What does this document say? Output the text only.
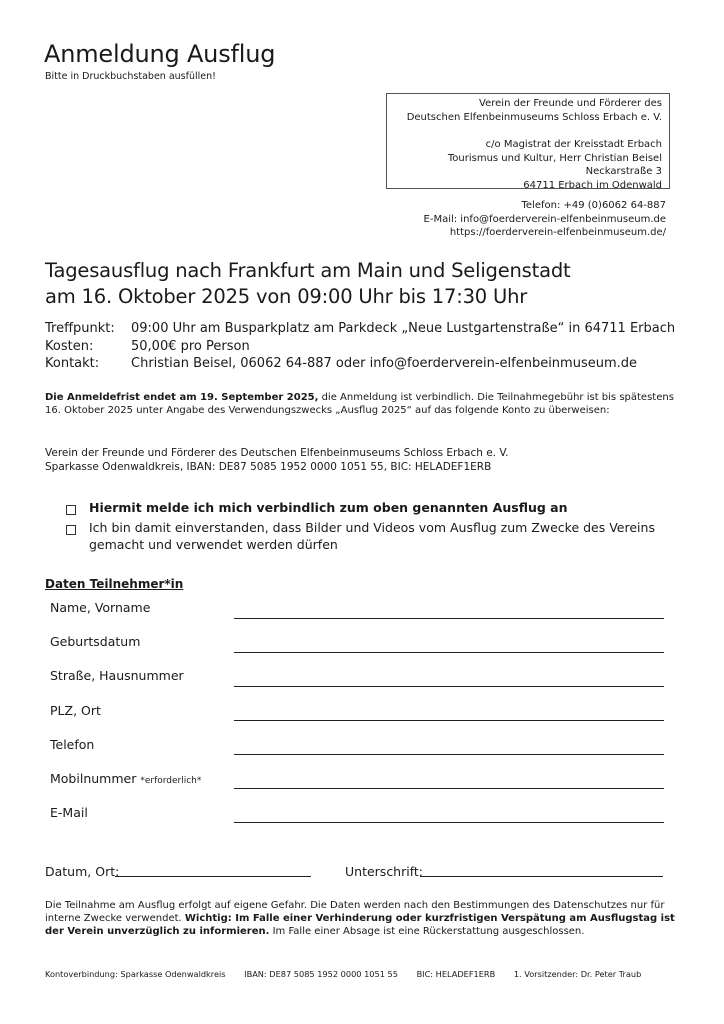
Anmeldung Ausflug
Bitte in Druckbuchstaben ausfüllen!
Verein der Freunde und Förderer des
Deutschen Elfenbeinmuseums Schloss Erbach e. V.
c/o Magistrat der Kreisstadt Erbach
Tourismus und Kultur, Herr Christian Beisel
Neckarstraße 3
64711 Erbach im Odenwald
Telefon: +49 (0)6062 64-887
E-Mail: info@foerderverein-elfenbeinmuseum.de
https://foerderverein-elfenbeinmuseum.de/
Tagesausflug nach Frankfurt am Main und Seligenstadt
am 16. Oktober 2025 von 09:00 Uhr bis 17:30 Uhr
Treffpunkt:	09:00 Uhr am Busparkplatz am Parkdeck „Neue Lustgartenstraße“ in 64711 Erbach
Kosten:	50,00€ pro Person
Kontakt:	Christian Beisel, 06062 64-887 oder info@foerderverein-elfenbeinmuseum.de
Die Anmeldefrist endet am 19. September 2025, die Anmeldung ist verbindlich. Die Teilnahmegebühr ist bis spätestens 16. Oktober 2025 unter Angabe des Verwendungszwecks „Ausflug 2025“ auf das folgende Konto zu überweisen:
Verein der Freunde und Förderer des Deutschen Elfenbeinmuseums Schloss Erbach e. V.
Sparkasse Odenwaldkreis, IBAN: DE87 5085 1952 0000 1051 55, BIC: HELADEF1ERB
Hiermit melde ich mich verbindlich zum oben genannten Ausflug an
Ich bin damit einverstanden, dass Bilder und Videos vom Ausflug zum Zwecke des Vereins gemacht und verwendet werden dürfen
Daten Teilnehmer*in
Name, Vorname
Geburtsdatum
Straße, Hausnummer
PLZ, Ort
Telefon
Mobilnummer *erforderlich*
E-Mail
Datum, Ort:	Unterschrift:
Die Teilnahme am Ausflug erfolgt auf eigene Gefahr. Die Daten werden nach den Bestimmungen des Datenschutzes nur für interne Zwecke verwendet. Wichtig: Im Falle einer Verhinderung oder kurzfristigen Verspätung am Ausflugstag ist der Verein unverzüglich zu informieren. Im Falle einer Absage ist eine Rückerstattung ausgeschlossen.
Kontoverbindung: Sparkasse Odenwaldkreis IBAN: DE87 5085 1952 0000 1051 55 BIC: HELADEF1ERB 1. Vorsitzender: Dr. Peter Traub
